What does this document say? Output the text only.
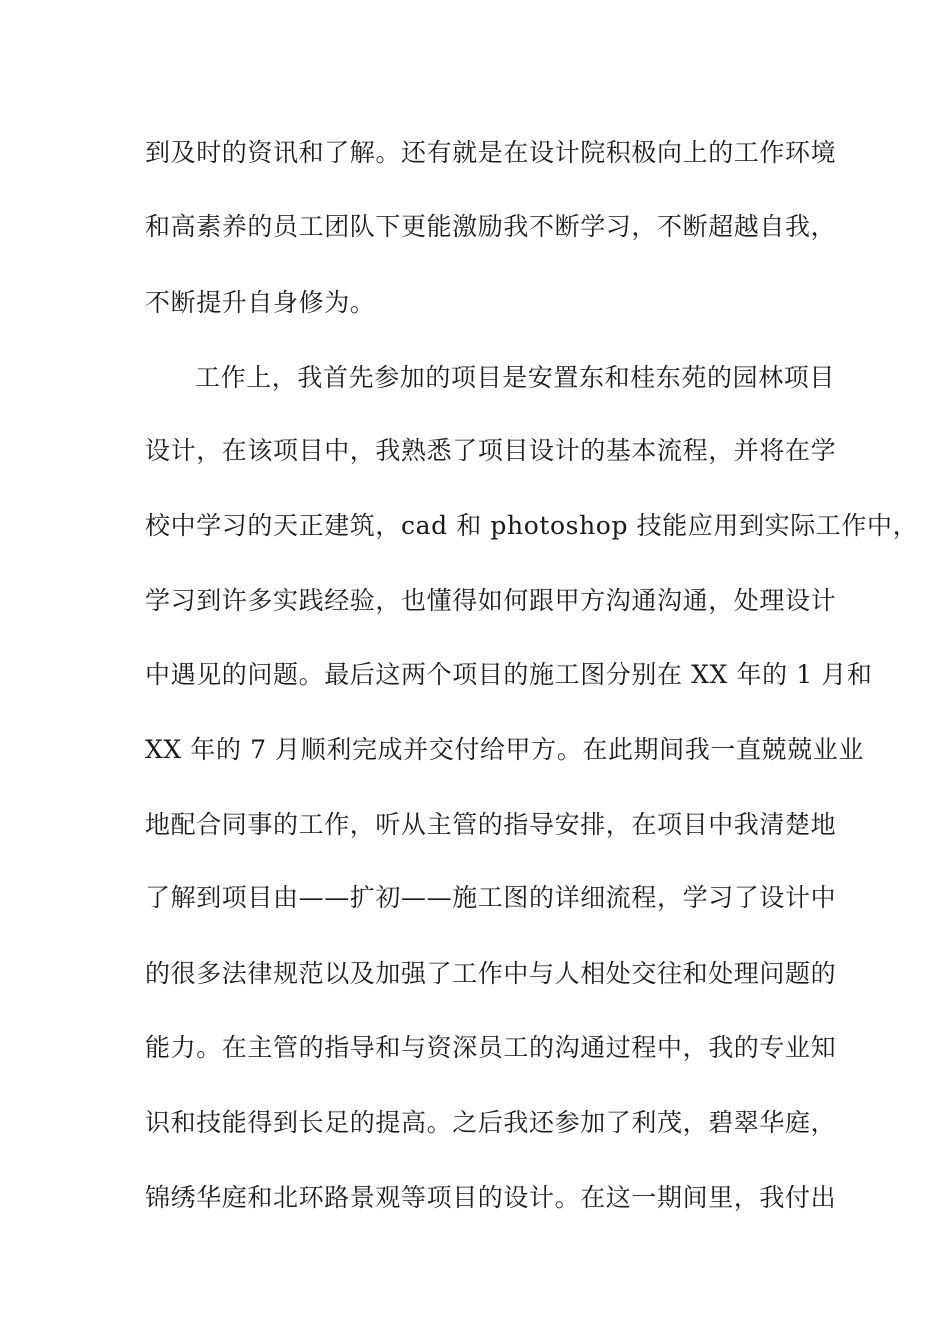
到及时的资讯和了解。还有就是在设计院积极向上的工作环境
和高素养的员工团队下更能激励我不断学习，不断超越自我，
不断提升自身修为。
工作上，我首先参加的项目是安置东和桂东苑的园林项目
设计，在该项目中，我熟悉了项目设计的基本流程，并将在学
校中学习的天正建筑，cad 和 photoshop 技能应用到实际工作中，
学习到许多实践经验，也懂得如何跟甲方沟通沟通，处理设计
中遇见的问题。最后这两个项目的施工图分别在 XX 年的 1 月和
XX 年的 7 月顺利完成并交付给甲方。在此期间我一直兢兢业业
地配合同事的工作，听从主管的指导安排，在项目中我清楚地
了解到项目由——扩初——施工图的详细流程，学习了设计中
的很多法律规范以及加强了工作中与人相处交往和处理问题的
能力。在主管的指导和与资深员工的沟通过程中，我的专业知
识和技能得到长足的提高。之后我还参加了利茂，碧翠华庭，
锦绣华庭和北环路景观等项目的设计。在这一期间里，我付出
